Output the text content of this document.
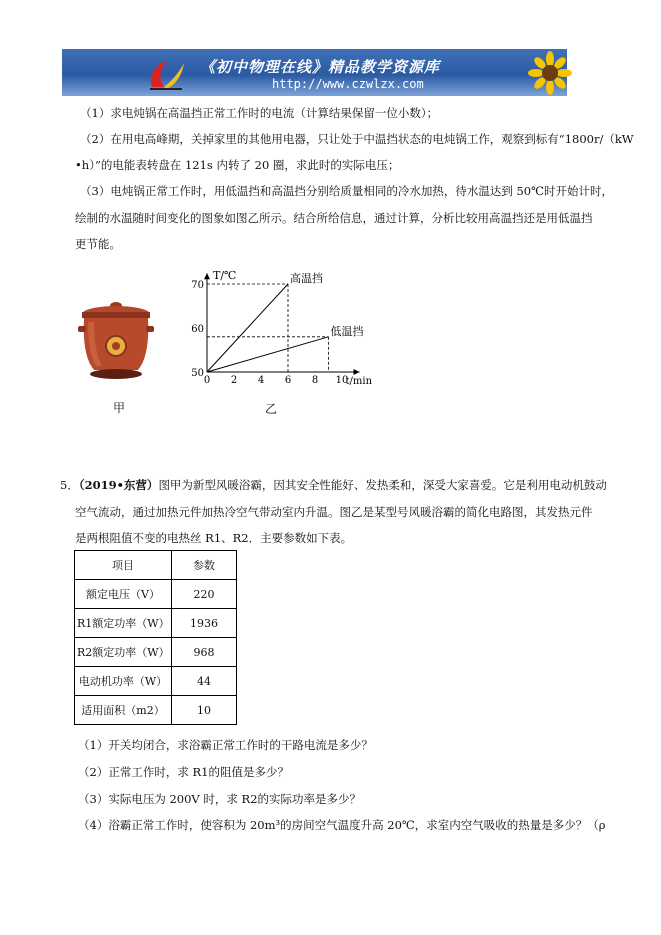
《初中物理在线》精品教学资源库
http://www.czwlzx.com
（1）求电炖锅在高温挡正常工作时的电流（计算结果保留一位小数）；
（2）在用电高峰期，关掉家里的其他用电器，只让处于中温挡状态的电炖锅工作，观察到标有“1800r/（kW
•h）”的电能表转盘在 121s 内转了 20 圈，求此时的实际电压；
（3）电炖锅正常工作时，用低温挡和高温挡分别给质量相同的冷水加热，待水温达到 50℃时开始计时，
绘制的水温随时间变化的图象如图乙所示。结合所给信息，通过计算，分析比较用高温挡还是用低温挡
更节能。
甲
T/℃
t/min
0 2 4 6 8 10
50
60
70
高温挡
低温挡
乙
5．（2019•东营）图甲为新型风暖浴霸，因其安全性能好、发热柔和，深受大家喜爱。它是利用电动机鼓动
空气流动，通过加热元件加热冷空气带动室内升温。图乙是某型号风暖浴霸的简化电路图，其发热元件
是两根阻值不变的电热丝 R1、R2．主要参数如下表。
项目	参数
额定电压（V）	220
R1额定功率（W）	1936
R2额定功率（W）	968
电动机功率（W）	44
适用面积（m2）	10
（1）开关均闭合，求浴霸正常工作时的干路电流是多少？
（2）正常工作时，求 R1的阻值是多少？
（3）实际电压为 200V 时，求 R2的实际功率是多少？
（4）浴霸正常工作时，使容积为 20m³的房间空气温度升高 20℃，求室内空气吸收的热量是多少？（ρ
